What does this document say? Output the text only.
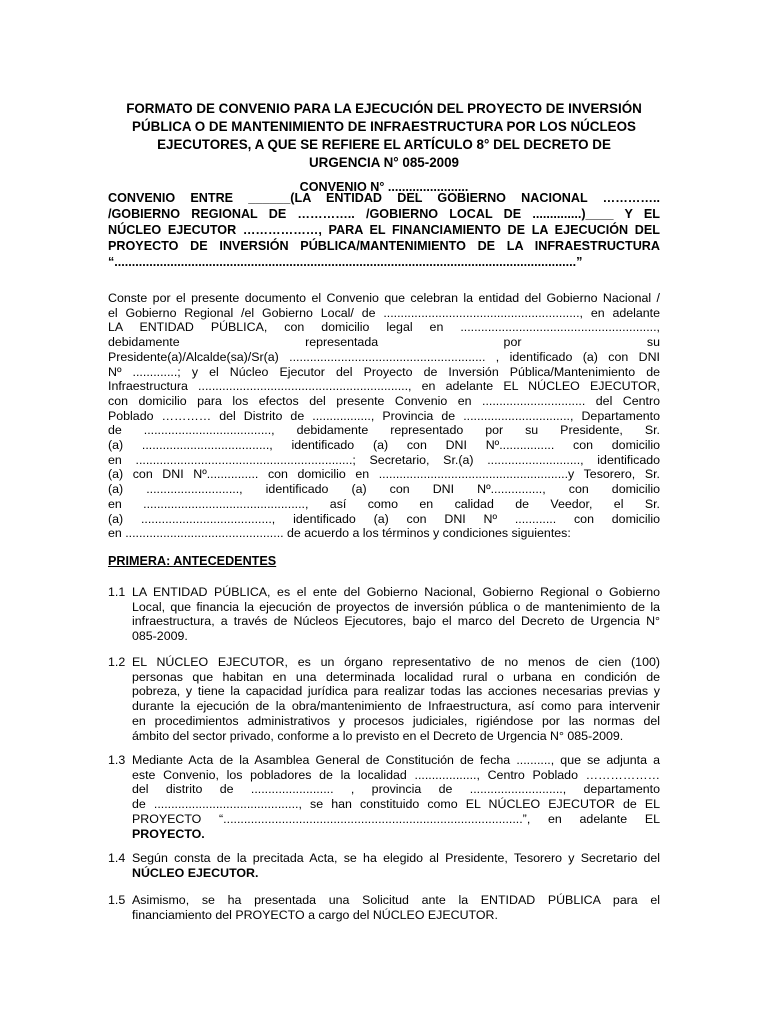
FORMATO DE CONVENIO PARA LA EJECUCIÓN DEL PROYECTO DE INVERSIÓN
PÚBLICA O DE MANTENIMIENTO DE INFRAESTRUCTURA POR LOS NÚCLEOS
EJECUTORES, A QUE SE REFIERE EL ARTÍCULO 8° DEL DECRETO DE
URGENCIA N° 085-2009
CONVENIO N° .......................
CONVENIO ENTRE ______(LA ENTIDAD DEL GOBIERNO NACIONAL …………..
/GOBIERNO REGIONAL DE ………….. /GOBIERNO LOCAL DE ..............)____ Y EL
NÚCLEO EJECUTOR ………………, PARA EL FINANCIAMIENTO DE LA EJECUCIÓN DEL
PROYECTO DE INVERSIÓN PÚBLICA/MANTENIMIENTO DE LA INFRAESTRUCTURA
“....................................................................................................................................”
Conste por el presente documento el Convenio que celebran la entidad del Gobierno Nacional /
el Gobierno Regional /el Gobierno Local/ de ........................................................., en adelante
LA ENTIDAD PÚBLICA, con domicilio legal en .........................................................,
debidamente representada por su
Presidente(a)/Alcalde(sa)/Sr(a) ......................................................... , identificado (a) con DNI
Nº .............; y el Núcleo Ejecutor del Proyecto de Inversión Pública/Mantenimiento de
Infraestructura ............................................................., en adelante EL NÚCLEO EJECUTOR,
con domicilio para los efectos del presente Convenio en .............................. del Centro
Poblado ………… del Distrito de ................., Provincia de ..............................., Departamento
de ....................................., debidamente representado por su Presidente, Sr.
(a) ....................................., identificado (a) con DNI Nº................ con domicilio
en ...............................................................; Secretario, Sr.(a) ..........................., identificado
(a) con DNI Nº............... con domicilio en .......................................................y Tesorero, Sr.
(a) ..........................., identificado (a) con DNI Nº..............., con domicilio
en ..............................................., así como en calidad de Veedor, el Sr.
(a) ......................................, identificado (a) con DNI Nº ............ con domicilio
en .............................................. de acuerdo a los términos y condiciones siguientes:
PRIMERA: ANTECEDENTES
1.1 LA ENTIDAD PÚBLICA, es el ente del Gobierno Nacional, Gobierno Regional o Gobierno
Local, que financia la ejecución de proyectos de inversión pública o de mantenimiento de la
infraestructura, a través de Núcleos Ejecutores, bajo el marco del Decreto de Urgencia N°
085-2009.
1.2 EL NÚCLEO EJECUTOR, es un órgano representativo de no menos de cien (100)
personas que habitan en una determinada localidad rural o urbana en condición de
pobreza, y tiene la capacidad jurídica para realizar todas las acciones necesarias previas y
durante la ejecución de la obra/mantenimiento de Infraestructura, así como para intervenir
en procedimientos administrativos y procesos judiciales, rigiéndose por las normas del
ámbito del sector privado, conforme a lo previsto en el Decreto de Urgencia N° 085-2009.
1.3 Mediante Acta de la Asamblea General de Constitución de fecha .........., que se adjunta a
este Convenio, los pobladores de la localidad .................., Centro Poblado ………………
del distrito de ........................ , provincia de ..........................., departamento
de .........................................., se han constituido como EL NÚCLEO EJECUTOR de EL
PROYECTO “.......................................................................................”, en adelante EL
PROYECTO.
1.4 Según consta de la precitada Acta, se ha elegido al Presidente, Tesorero y Secretario del
NÚCLEO EJECUTOR.
1.5 Asimismo, se ha presentada una Solicitud ante la ENTIDAD PÚBLICA para el
financiamiento del PROYECTO a cargo del NÚCLEO EJECUTOR.
